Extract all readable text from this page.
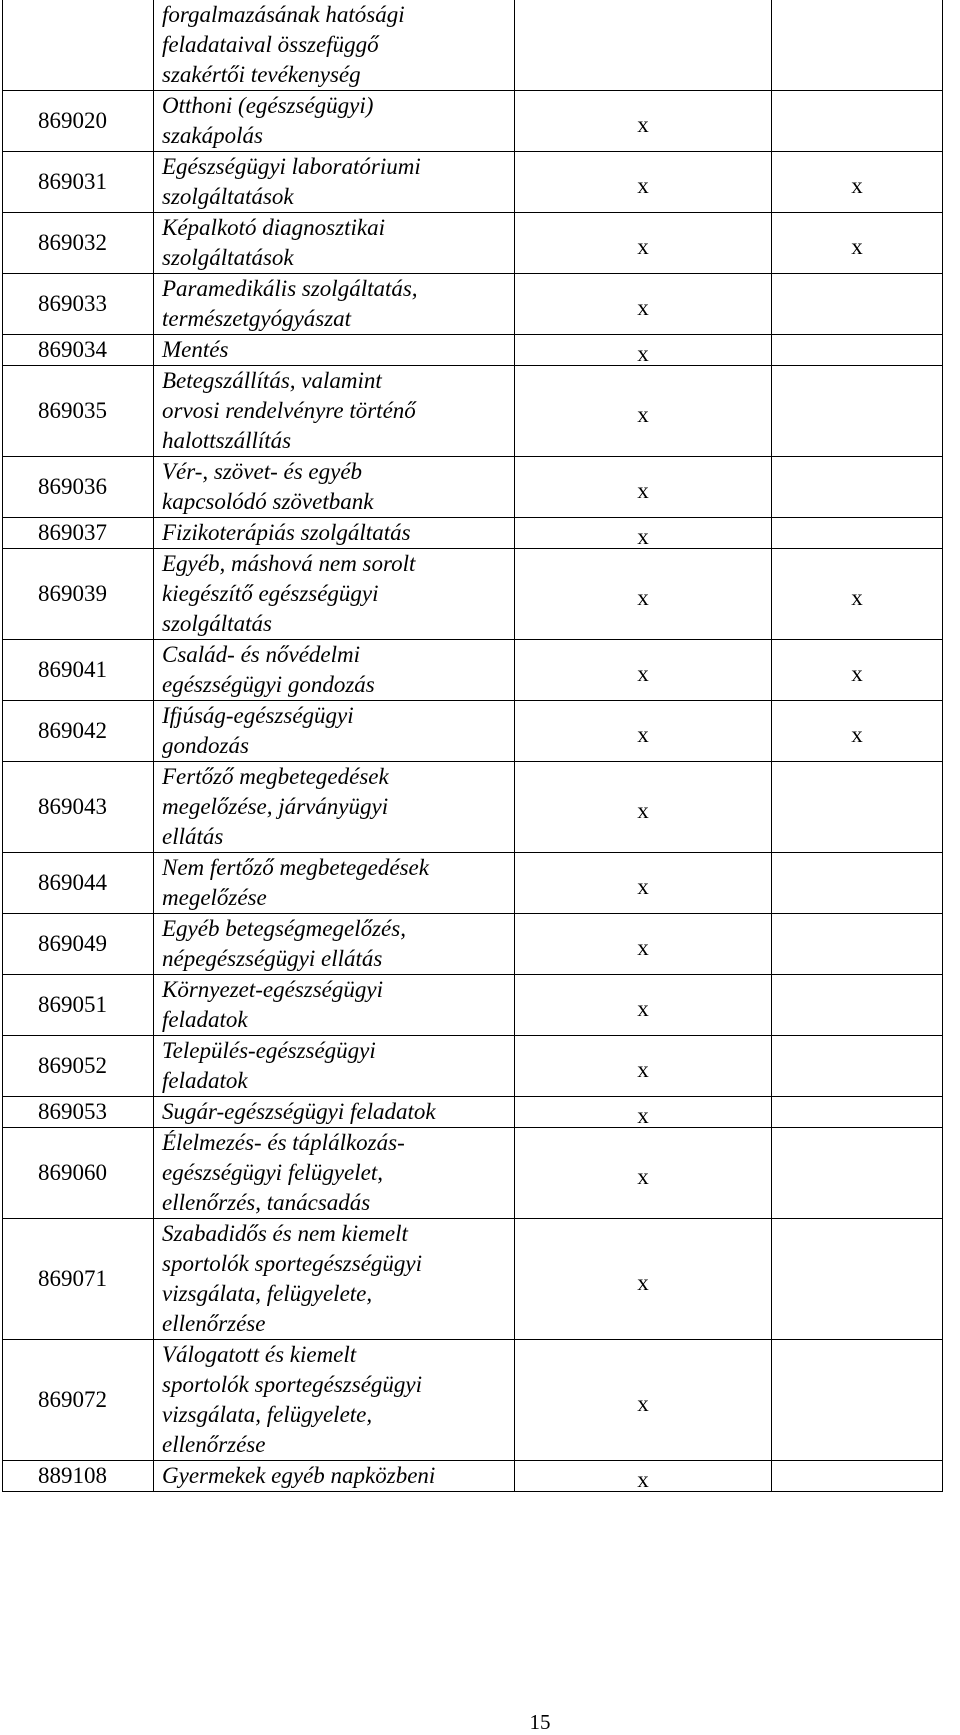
	forgalmazásának hatósági
feladataival összefüggő
szakértői tevékenység		

869020	Otthoni (egészségügyi)
szakápolás	x	
869031	Egészségügyi laboratóriumi
szolgáltatások	x	x
869032	Képalkotó diagnosztikai
szolgáltatások	x	x
869033	Paramedikális szolgáltatás,
természetgyógyászat	x	
869034	Mentés	x	
869035	Betegszállítás, valamint
orvosi rendelvényre történő
halottszállítás	x	
869036	Vér-, szövet- és egyéb
kapcsolódó szövetbank	x	
869037	Fizikoterápiás szolgáltatás	x	
869039	Egyéb, máshová nem sorolt
kiegészítő egészségügyi
szolgáltatás	x	x
869041	Család- és nővédelmi
egészségügyi gondozás	x	x
869042	Ifjúság-egészségügyi
gondozás	x	x
869043	Fertőző megbetegedések
megelőzése, járványügyi
ellátás	x	
869044	Nem fertőző megbetegedések
megelőzése	x	
869049	Egyéb betegségmegelőzés,
népegészségügyi ellátás	x	
869051	Környezet-egészségügyi
feladatok	x	
869052	Település-egészségügyi
feladatok	x	
869053	Sugár-egészségügyi feladatok	x	
869060	Élelmezés- és táplálkozás-
egészségügyi felügyelet,
ellenőrzés, tanácsadás	x	
869071	Szabadidős és nem kiemelt
sportolók sportegészségügyi
vizsgálata, felügyelete,
ellenőrzése	x	
869072	Válogatott és kiemelt
sportolók sportegészségügyi
vizsgálata, felügyelete,
ellenőrzése	x	
889108	Gyermekek egyéb napközbeni	x	
15
